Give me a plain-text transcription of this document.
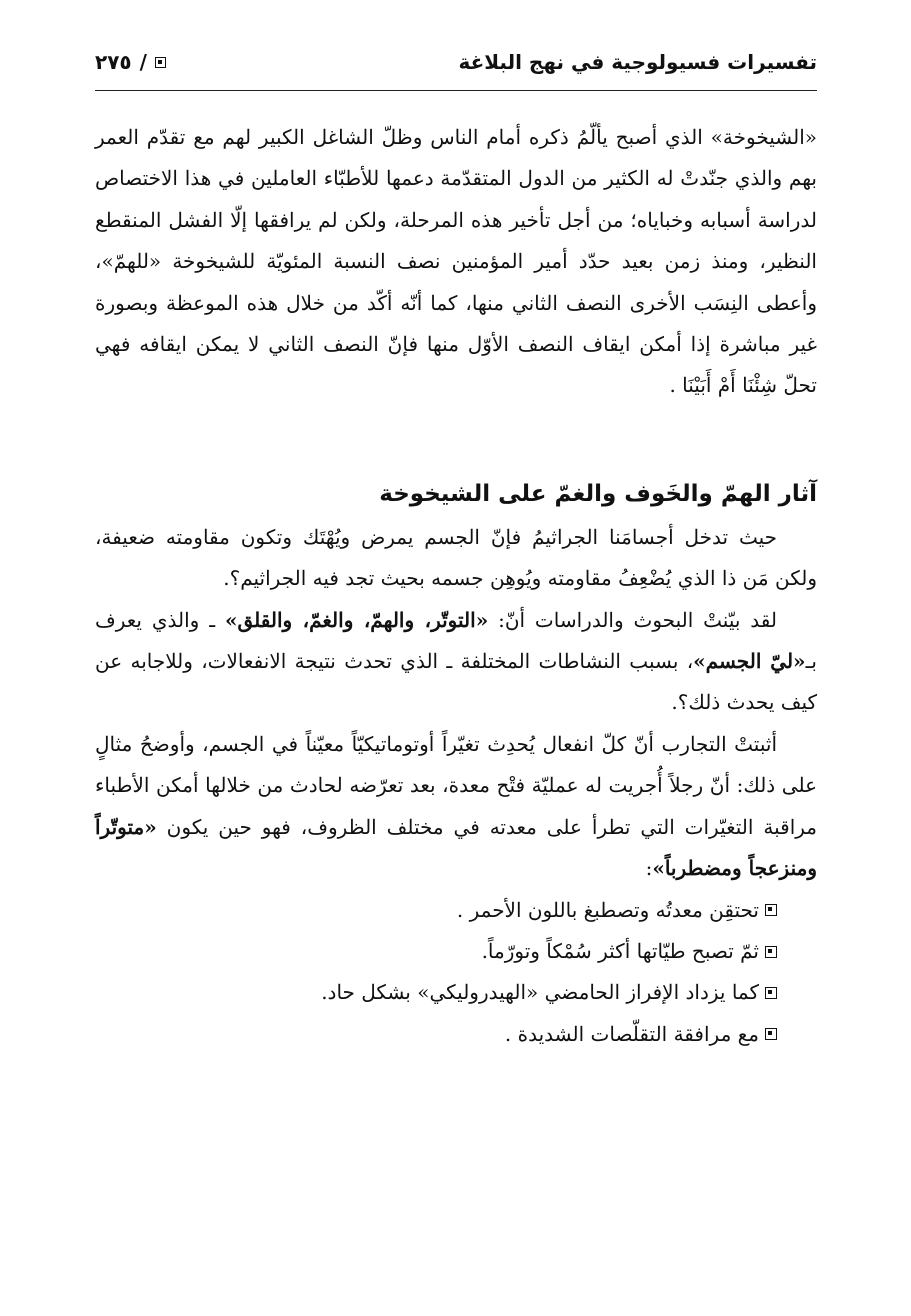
تفسيرات فسيولوجية في نهج البلاغة
٢٧٥ /

«الشيخوخة» الذي أصبح يألّمُ ذكره أمام الناس وظلّ الشاغل الكبير لهم مع تقدّم العمر بهم والذي جنّدتْ له الكثير من الدول المتقدّمة دعمها للأطبّاء العاملين في هذا الاختصاص لدراسة أسبابه وخباياه؛ من أجل تأخير هذه المرحلة، ولكن لم يرافقها إلّا الفشل المنقطع النظير، ومنذ زمن بعيد حدّد أمير المؤمنين نصف النسبة المئويّة للشيخوخة «للهمّ»، وأعطى النِسَب الأخرى النصف الثاني منها، كما أنّه أكّد من خلال هذه الموعظة وبصورة غير مباشرة إذا أمكن ايقاف النصف الأوّل منها فإنّ النصف الثاني لا يمكن ايقافه فهي تحلّ شِئْنَا أَمْ أَبَيْنَا .

آثار الهمّ والخَوف والغمّ على الشيخوخة

حيث تدخل أجسامَنا الجراثيمُ فإنّ الجسم يمرض ويُهْتَك وتكون مقاومته ضعيفة، ولكن مَن ذا الذي يُضْعِفُ مقاومته ويُوهِن جسمه بحيث تجد فيه الجراثيم؟.

لقد بيّنتْ البحوث والدراسات أنّ: «التوتّر، والهمّ، والغمّ، والقلق» ـ والذي يعرف بـ«ليّ الجسم»، بسبب النشاطات المختلفة ـ الذي تحدث نتيجة الانفعالات، وللاجابه عن كيف يحدث ذلك؟.

أثبتتْ التجارب أنّ كلّ انفعال يُحدِث تغيّراً أوتوماتيكيّاً معيّناً في الجسم، وأوضحُ مثالٍ على ذلك: أنّ رجلاً أُجريت له عمليّة فتْح معدة، بعد تعرّضه لحادث من خلالها أمكن الأطباء مراقبة التغيّرات التي تطرأ على معدته في مختلف الظروف، فهو حين يكون «متوتّراً ومنزعجاً ومضطرباً»:

تحتقِن معدتُه وتصطبغ باللون الأحمر .
ثمّ تصبح طيّاتها أكثر سُمْكاً وتورّماً.
كما يزداد الإفراز الحامضي «الهيدروليكي» بشكل حاد.
مع مرافقة التقلّصات الشديدة .
